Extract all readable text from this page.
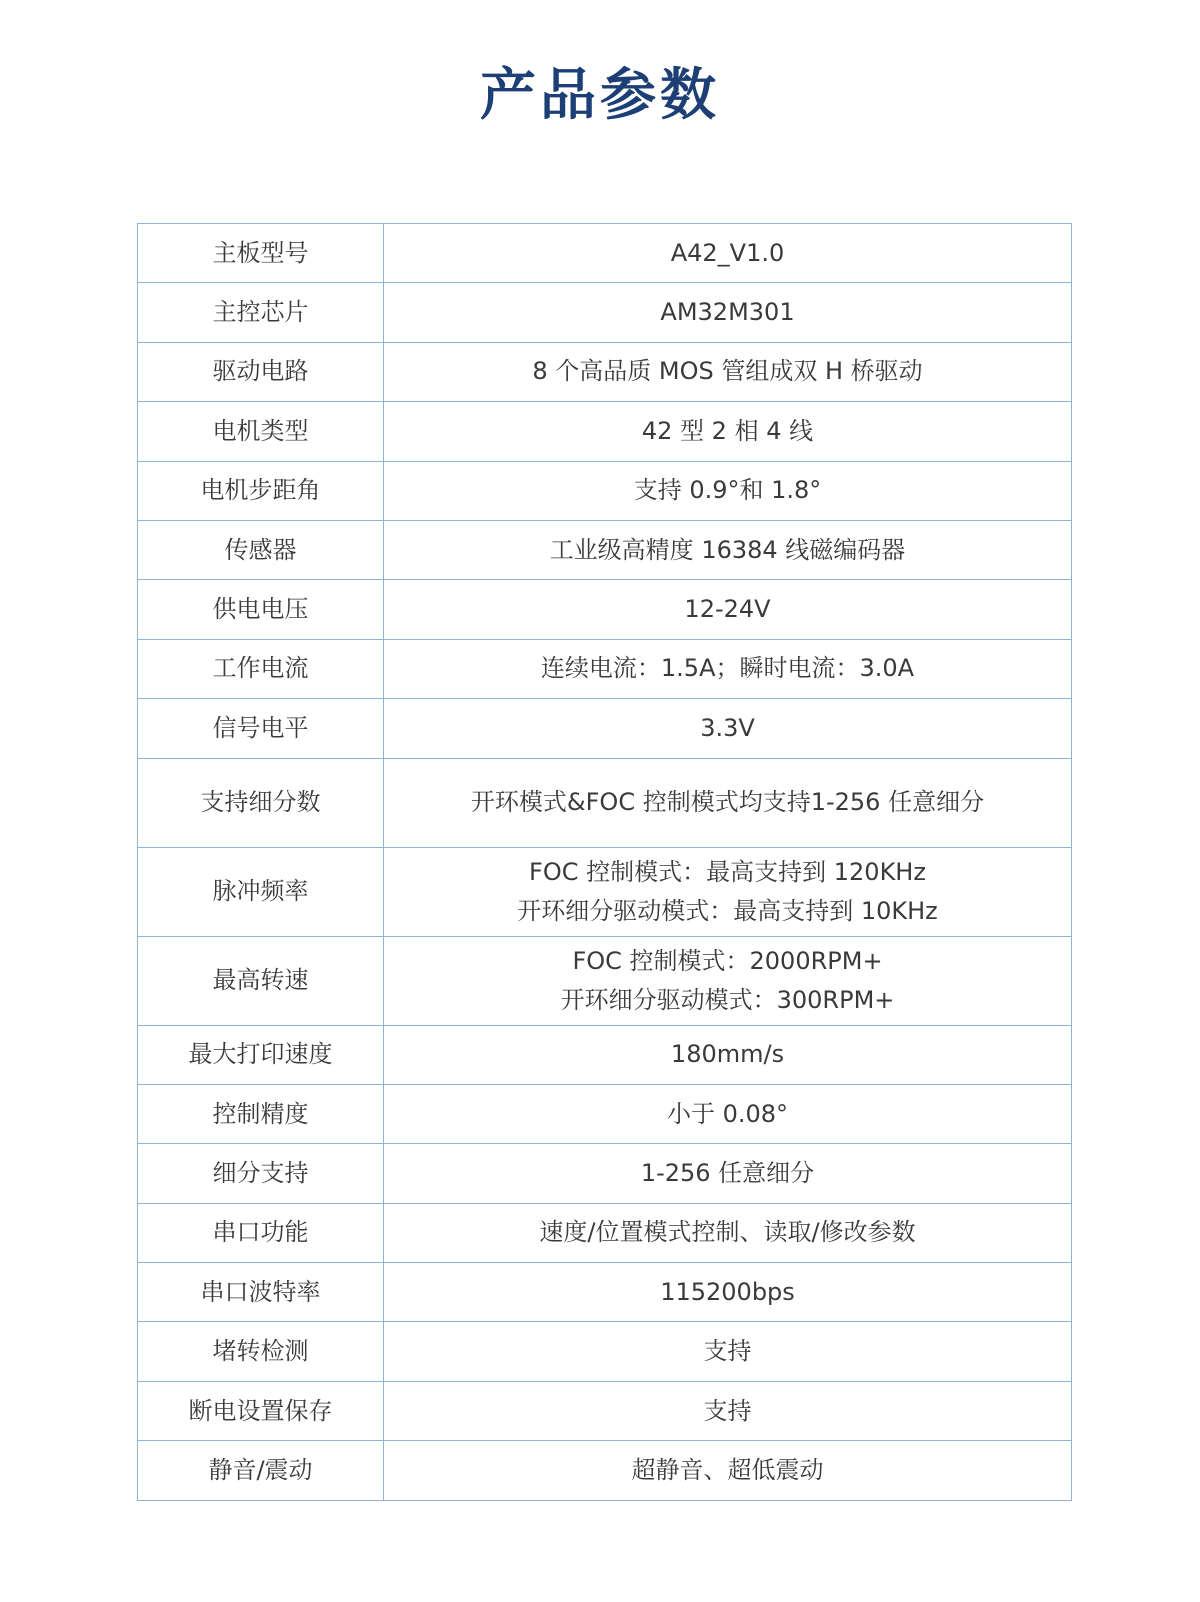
产品参数
主板型号	A42_V1.0

主控芯片	AM32M301

驱动电路	8 个高品质 MOS 管组成双 H 桥驱动

电机类型	42 型 2 相 4 线

电机步距角	支持 0.9°和 1.8°

传感器	工业级高精度 16384 线磁编码器

供电电压	12-24V

工作电流	连续电流：1.5A；瞬时电流：3.0A

信号电平	3.3V

支持细分数	开环模式&FOC 控制模式均支持1-256 任意细分

脉冲频率	FOC 控制模式：最高支持到 120KHz
开环细分驱动模式：最高支持到 10KHz

最高转速	FOC 控制模式：2000RPM+
开环细分驱动模式：300RPM+

最大打印速度	180mm/s

控制精度	小于 0.08°

细分支持	1-256 任意细分

串口功能	速度/位置模式控制、读取/修改参数

串口波特率	115200bps

堵转检测	支持

断电设置保存	支持

静音/震动	超静音、超低震动
